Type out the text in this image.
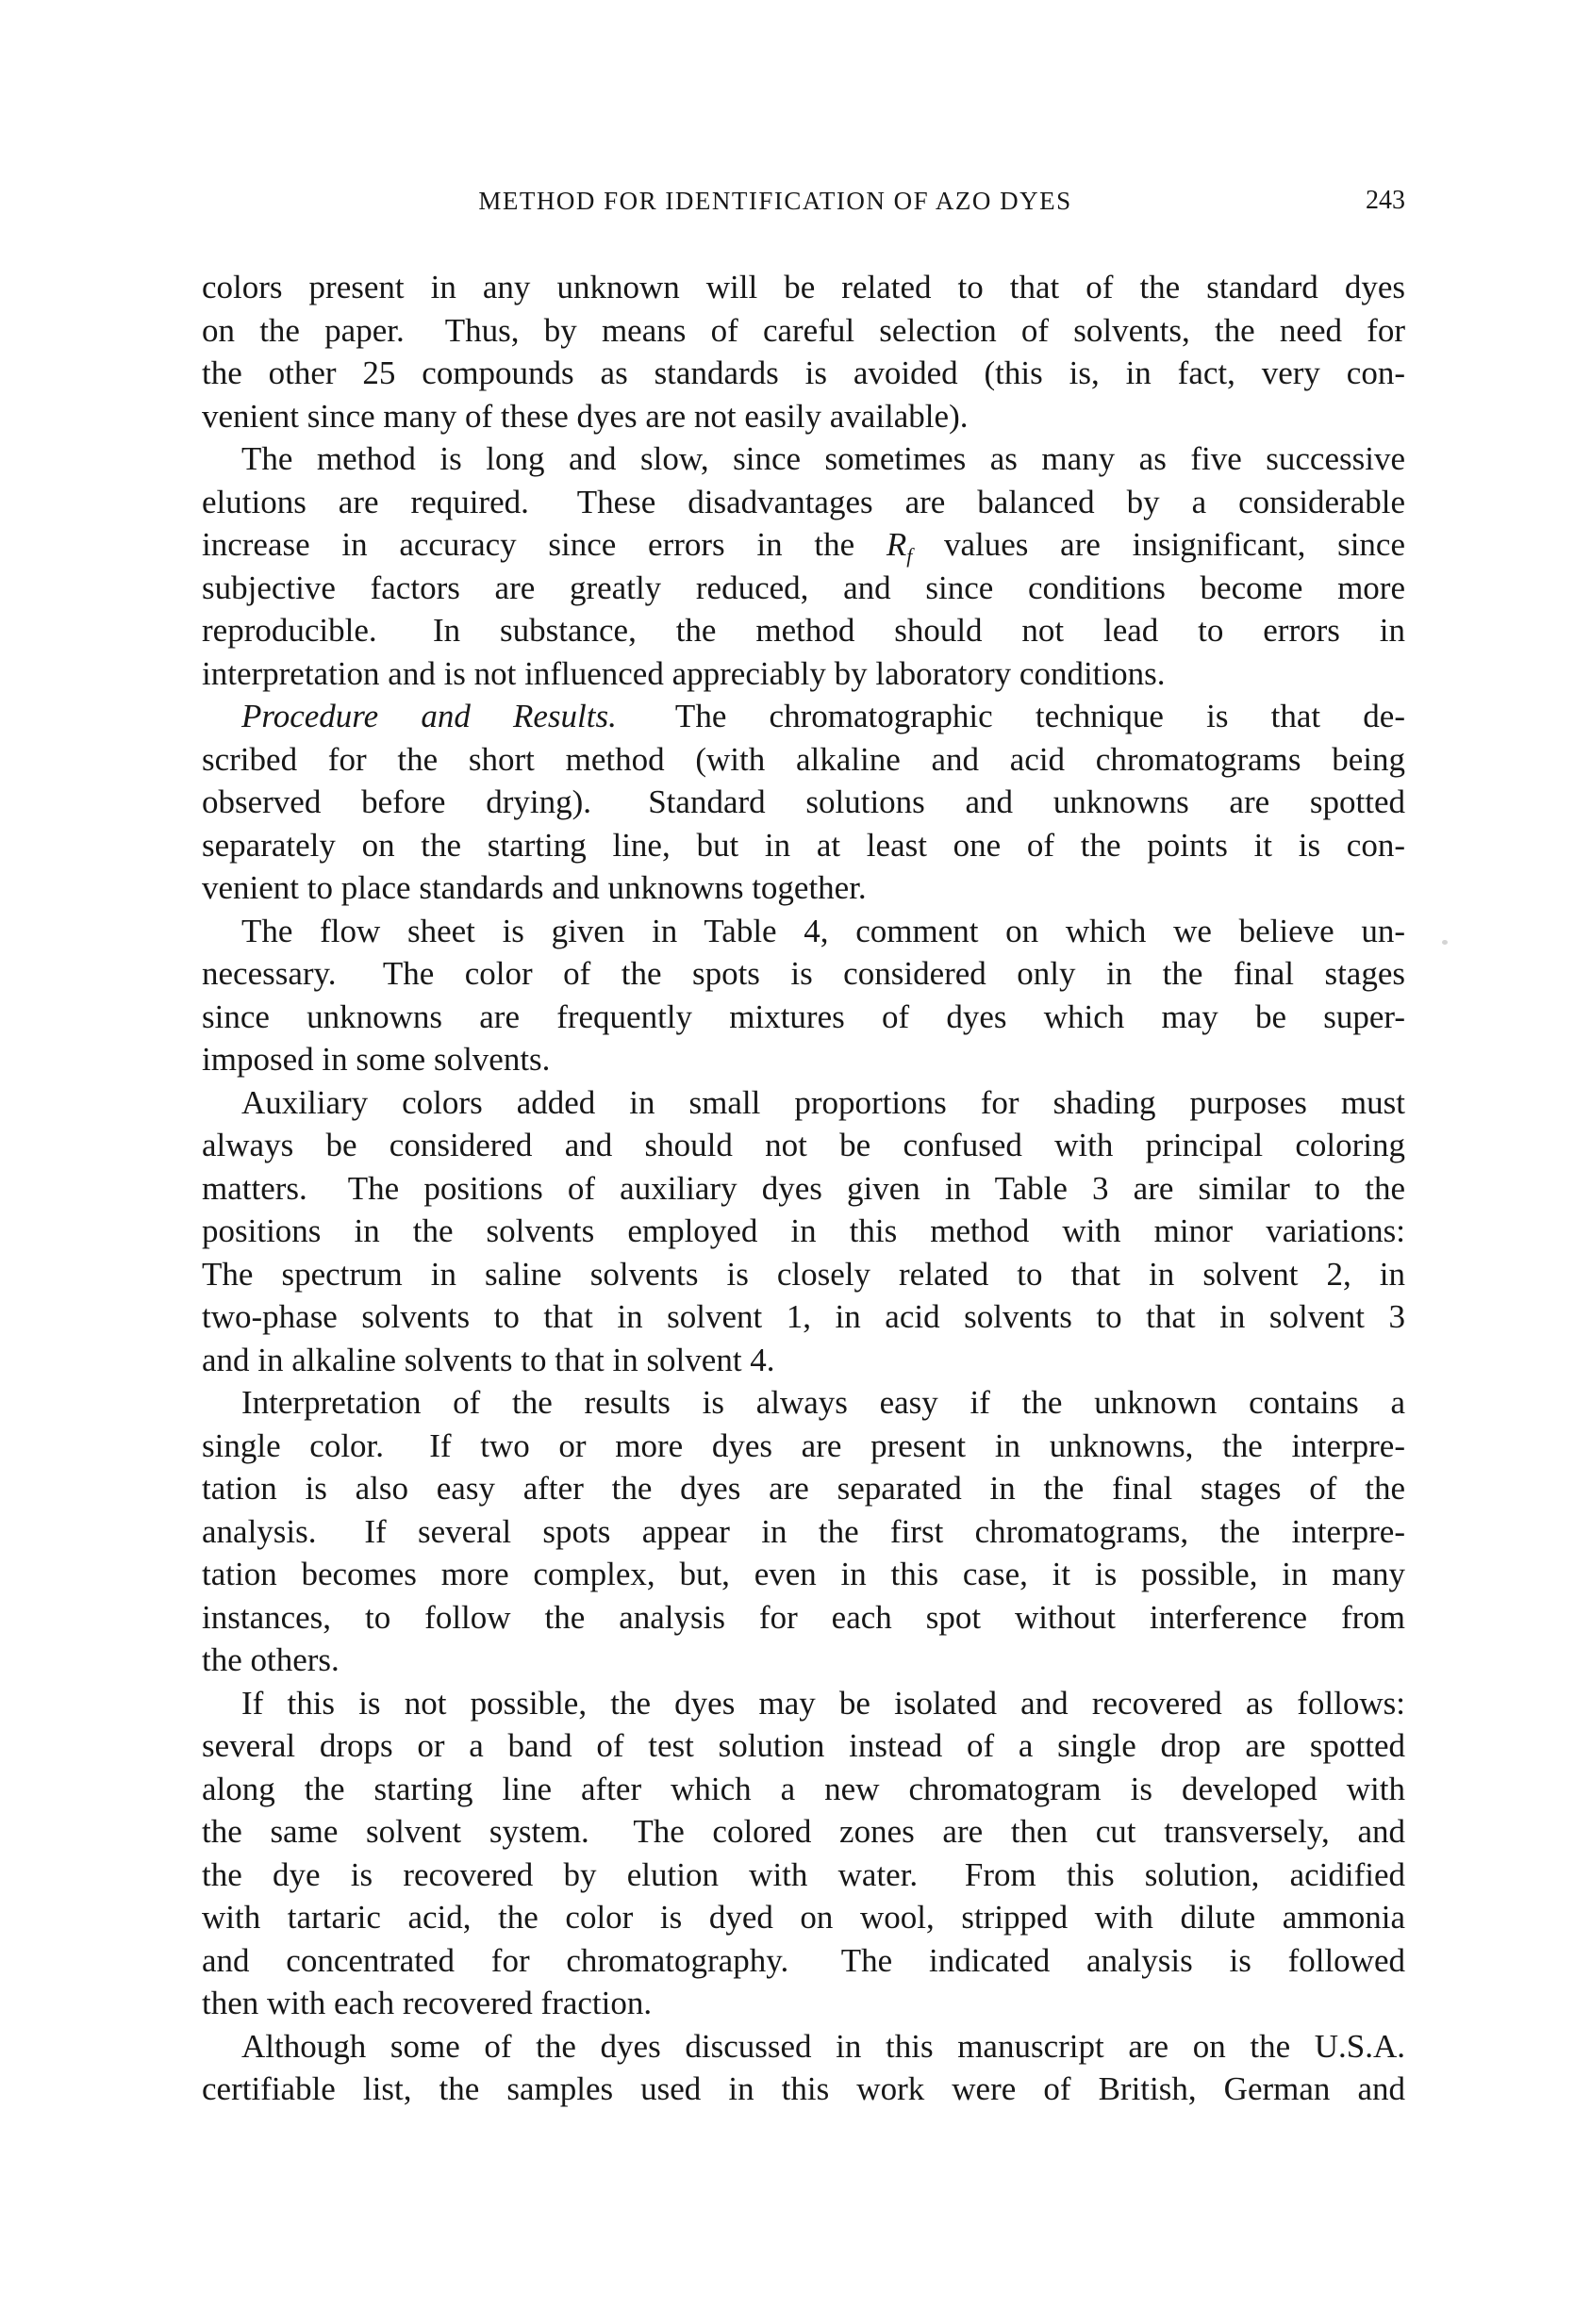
METHOD FOR IDENTIFICATION OF AZO DYES	243
colors present in any unknown will be related to that of the standard dyes
on the paper.  Thus, by means of careful selection of solvents, the need for
the other 25 compounds as standards is avoided (this is, in fact, very con-
venient since many of these dyes are not easily available).
The method is long and slow, since sometimes as many as five successive
elutions are required.  These disadvantages are balanced by a considerable
increase in accuracy since errors in the $R_f$ values are insignificant, since
subjective factors are greatly reduced, and since conditions become more
reproducible.  In substance, the method should not lead to errors in
interpretation and is not influenced appreciably by laboratory conditions.
Procedure and Results.  The chromatographic technique is that de-
scribed for the short method (with alkaline and acid chromatograms being
observed before drying).  Standard solutions and unknowns are spotted
separately on the starting line, but in at least one of the points it is con-
venient to place standards and unknowns together.
The flow sheet is given in Table 4, comment on which we believe un-
necessary.  The color of the spots is considered only in the final stages
since unknowns are frequently mixtures of dyes which may be super-
imposed in some solvents.
Auxiliary colors added in small proportions for shading purposes must
always be considered and should not be confused with principal coloring
matters.  The positions of auxiliary dyes given in Table 3 are similar to the
positions in the solvents employed in this method with minor variations:
The spectrum in saline solvents is closely related to that in solvent 2, in
two-phase solvents to that in solvent 1, in acid solvents to that in solvent 3
and in alkaline solvents to that in solvent 4.
Interpretation of the results is always easy if the unknown contains a
single color.  If two or more dyes are present in unknowns, the interpre-
tation is also easy after the dyes are separated in the final stages of the
analysis.  If several spots appear in the first chromatograms, the interpre-
tation becomes more complex, but, even in this case, it is possible, in many
instances, to follow the analysis for each spot without interference from
the others.
If this is not possible, the dyes may be isolated and recovered as follows:
several drops or a band of test solution instead of a single drop are spotted
along the starting line after which a new chromatogram is developed with
the same solvent system.  The colored zones are then cut transversely, and
the dye is recovered by elution with water.  From this solution, acidified
with tartaric acid, the color is dyed on wool, stripped with dilute ammonia
and concentrated for chromatography.  The indicated analysis is followed
then with each recovered fraction.
Although some of the dyes discussed in this manuscript are on the U.S.A.
certifiable list, the samples used in this work were of British, German and
